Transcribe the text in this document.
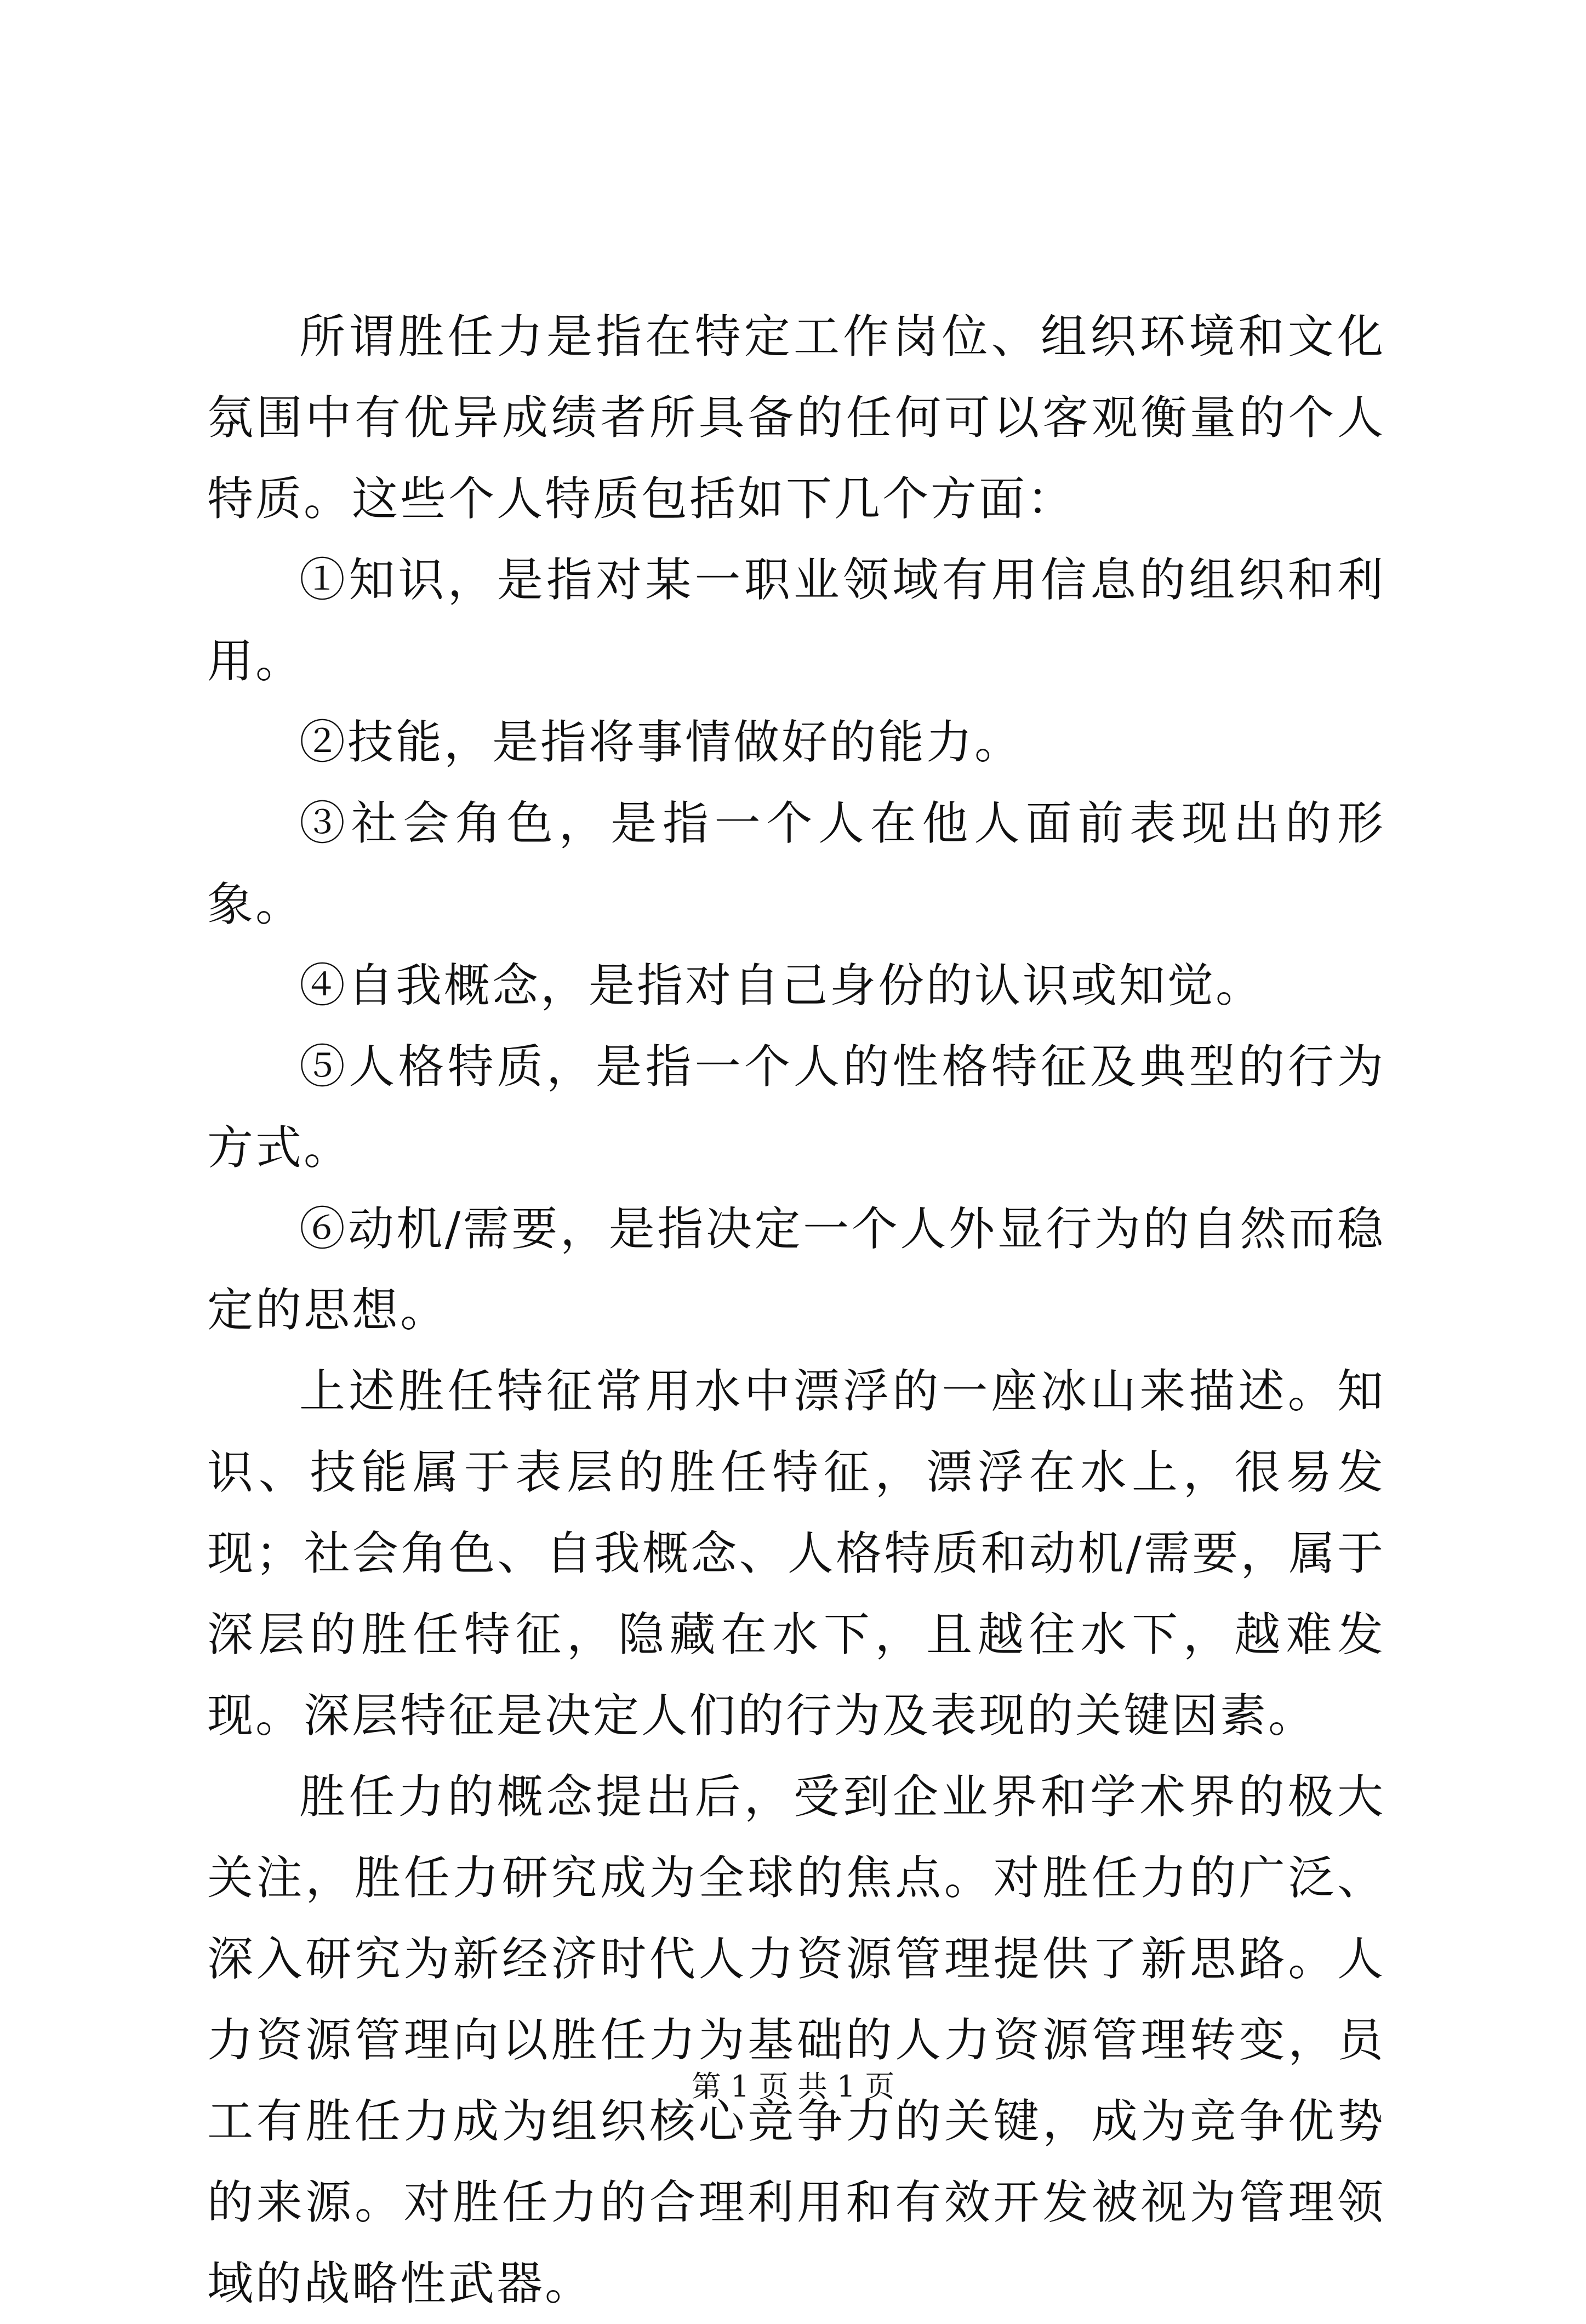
所谓胜任力是指在特定工作岗位、组织环境和文化氛围中有优异成绩者所具备的任何可以客观衡量的个人特质。这些个人特质包括如下几个方面：

①知识，是指对某一职业领域有用信息的组织和利用。

②技能，是指将事情做好的能力。

③社会角色，是指一个人在他人面前表现出的形象。

④自我概念，是指对自己身份的认识或知觉。

⑤人格特质，是指一个人的性格特征及典型的行为方式。

⑥动机/需要，是指决定一个人外显行为的自然而稳定的思想。

上述胜任特征常用水中漂浮的一座冰山来描述。知识、技能属于表层的胜任特征，漂浮在水上，很易发现；社会角色、自我概念、人格特质和动机/需要，属于深层的胜任特征，隐藏在水下，且越往水下，越难发现。深层特征是决定人们的行为及表现的关键因素。

胜任力的概念提出后，受到企业界和学术界的极大关注，胜任力研究成为全球的焦点。对胜任力的广泛、深入研究为新经济时代人力资源管理提供了新思路。人力资源管理向以胜任力为基础的人力资源管理转变，员工有胜任力成为组织核心竞争力的关键，成为竞争优势的来源。对胜任力的合理利用和有效开发被视为管理领域的战略性武器。

第 1 页 共 1 页
